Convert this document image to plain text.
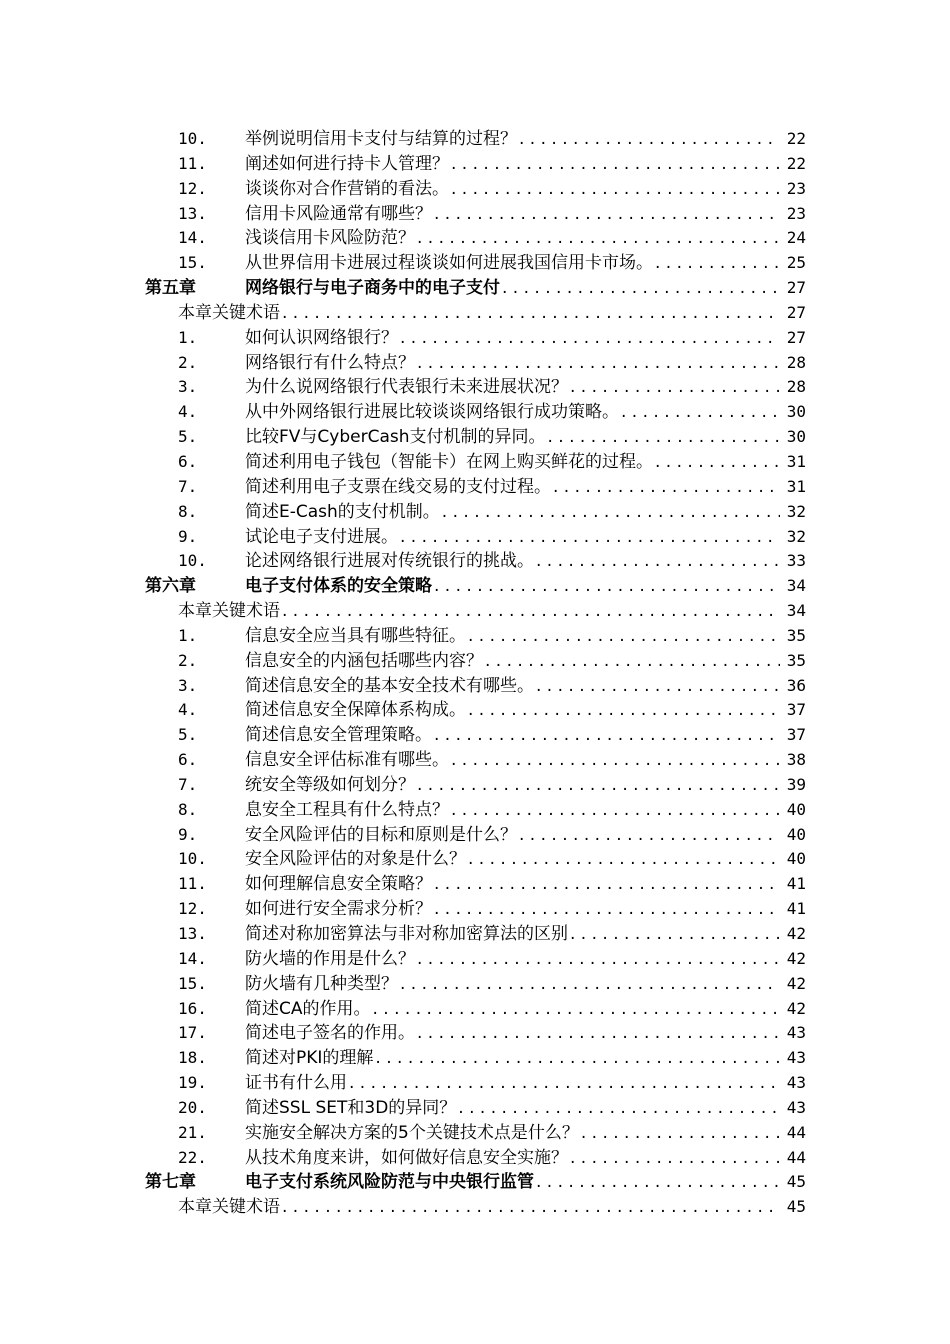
10.	举例说明信用卡支付与结算的过程？ . . .	22
11.	阐述如何进行持卡人管理？ . . .	22
12.	谈谈你对合作营销的看法。 . . .	23
13.	信用卡风险通常有哪些？ . . .	23
14.	浅谈信用卡风险防范？ . . .	24
15.	从世界信用卡进展过程谈谈如何进展我国信用卡市场。 . . .	25
第五章	网络银行与电子商务中的电子支付 . . .	27
本章关键术语 . . .	27
1.	如何认识网络银行？ . . .	27
2.	网络银行有什么特点？ . . .	28
3.	为什么说网络银行代表银行未来进展状况？ . . .	28
4.	从中外网络银行进展比较谈谈网络银行成功策略。 . . .	30
5.	比较FV与CyberCash支付机制的异同。 . . .	30
6.	简述利用电子钱包（智能卡）在网上购买鲜花的过程。 . . .	31
7.	简述利用电子支票在线交易的支付过程。 . . .	31
8.	简述E-Cash的支付机制。 . . .	32
9.	试论电子支付进展。 . . .	32
10.	论述网络银行进展对传统银行的挑战。 . . .	33
第六章	电子支付体系的安全策略 . . .	34
本章关键术语 . . .	34
1.	信息安全应当具有哪些特征。 . . .	35
2.	信息安全的内涵包括哪些内容？ . . .	35
3.	简述信息安全的基本安全技术有哪些。 . . .	36
4.	简述信息安全保障体系构成。 . . .	37
5.	简述信息安全管理策略。 . . .	37
6.	信息安全评估标准有哪些。 . . .	38
7.	统安全等级如何划分？ . . .	39
8.	息安全工程具有什么特点？ . . .	40
9.	安全风险评估的目标和原则是什么？ . . .	40
10.	安全风险评估的对象是什么？ . . .	40
11.	如何理解信息安全策略？ . . .	41
12.	如何进行安全需求分析？ . . .	41
13.	简述对称加密算法与非对称加密算法的区别 . . .	42
14.	防火墙的作用是什么？ . . .	42
15.	防火墙有几种类型？ . . .	42
16.	简述CA的作用。 . . .	42
17.	简述电子签名的作用。 . . .	43
18.	简述对PKI的理解 . . .	43
19.	证书有什么用 . . .	43
20.	简述SSL SET和3D的异同？ . . .	43
21.	实施安全解决方案的5个关键技术点是什么？ . . .	44
22.	从技术角度来讲，如何做好信息安全实施？ . . .	44
第七章	电子支付系统风险防范与中央银行监管 . . .	45
本章关键术语 . . .	45
